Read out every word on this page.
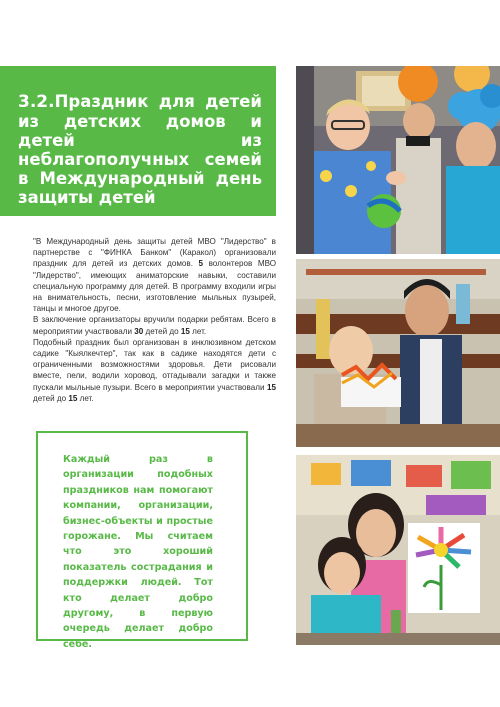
3.2.Праздник для детей из детских домов и детей из неблагополучных семей в Международный день защиты детей

"В Международный день защиты детей МВО "Лидерство" в партнерстве с "ФИНКА Банком" (Каракол) организовали праздник для детей из детских домов. 5 волонтеров МВО "Лидерство", имеющих аниматорские навыки, составили специальную программу для детей. В программу входили игры на внимательность, песни, изготовление мыльных пузырей, танцы и многое другое.

В заключение организаторы вручили подарки ребятам. Всего в мероприятии участвовали 30 детей до 15 лет.

Подобный праздник был организован в инклюзивном детском садике "Кыялкечтер", так как в садике находятся дети с ограниченными возможностями здоровья. Дети рисовали вместе, пели, водили хоровод, отгадывали загадки и также пускали мыльные пузыри. Всего в мероприятии участвовали 15 детей до 15 лет.

Каждый раз в организации подобных праздников нам помогают компании, организации, бизнес-объекты и простые горожане. Мы считаем что это хороший показатель сострадания и поддержки людей. Тот кто делает добро другому, в первую очередь делает добро себе.
